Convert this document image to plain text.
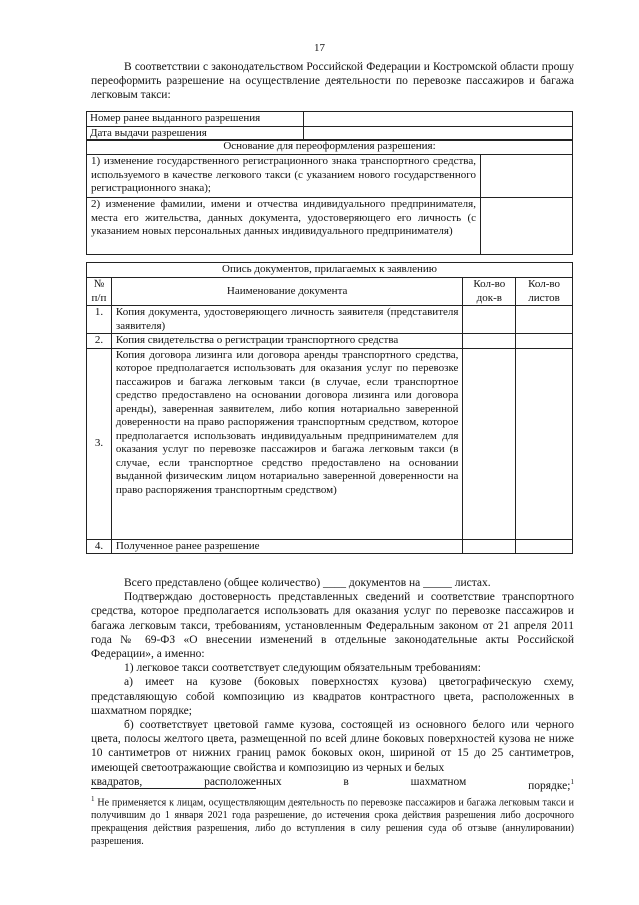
17
В соответствии с законодательством Российской Федерации и Костромской области прошу переоформить разрешение на осуществление деятельности по перевозке пассажиров и багажа легковым такси:
Номер ранее выданного разрешения	
Дата выдачи разрешения	
Основание для переоформления разрешения:	
1) изменение государственного регистрационного знака транспортного средства, используемого в качестве легкового такси (с указанием нового государственного регистрационного знака);	
2) изменение фамилии, имени и отчества индивидуального предпринимателя, места его жительства, данных документа, удостоверяющего его личность (с указанием новых персональных данных индивидуального предпринимателя)	
Опись документов, прилагаемых к заявлению			
№ п/п	Наименование документа	Кол-во док-в	Кол-во листов
1.	Копия документа, удостоверяющего личность заявителя (представителя заявителя)		
2.	Копия свидетельства о регистрации транспортного средства		
3.	Копия договора лизинга или договора аренды транспортного средства, которое предполагается использовать для оказания услуг по перевозке пассажиров и багажа легковым такси (в случае, если транспортное средство предоставлено на основании договора лизинга или договора аренды), заверенная заявителем, либо копия нотариально заверенной доверенности на право распоряжения транспортным средством, которое предполагается использовать индивидуальным предпринимателем для оказания услуг по перевозке пассажиров и багажа легковым такси (в случае, если транспортное средство предоставлено на основании выданной физическим лицом нотариально заверенной доверенности на право распоряжения транспортным средством)		
4.	Полученное ранее разрешение		

Всего представлено (общее количество) ____ документов на _____ листах.

Подтверждаю достоверность представленных сведений и соответствие транспортного средства, которое предполагается использовать для оказания услуг по перевозке пассажиров и багажа легковым такси, требованиям, установленным Федеральным законом от 21 апреля 2011 года № 69-ФЗ «О внесении изменений в отдельные законодательные акты Российской Федерации», а именно:

1) легковое такси соответствует следующим обязательным требованиям:

а) имеет на кузове (боковых поверхностях кузова) цветографическую схему, представляющую собой композицию из квадратов контрастного цвета, расположенных в шахматном порядке;

б) соответствует цветовой гамме кузова, состоящей из основного белого или черного цвета, полосы желтого цвета, размещенной по всей длине боковых поверхностей кузова не ниже 10 сантиметров от нижних границ рамок боковых окон, шириной от 15 до 25 сантиметров, имеющей светоотражающие свойства и композицию из черных и белых

квадратов,	расположенных	в	шахматном	порядке;$^1$
$^1$ Не применяется к лицам, осуществляющим деятельность по перевозке пассажиров и багажа легковым такси и получившим до 1 января 2021 года разрешение, до истечения срока действия разрешения либо досрочного прекращения действия разрешения, либо до вступления в силу решения суда об отзыве (аннулировании) разрешения.
